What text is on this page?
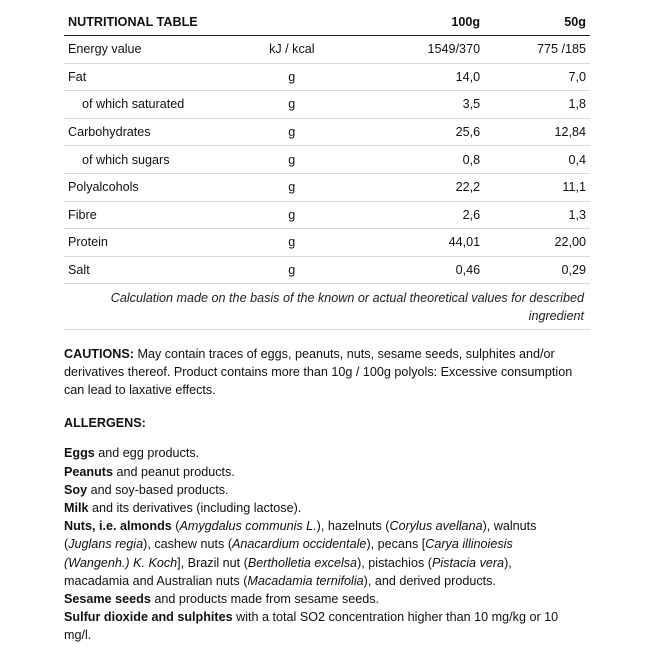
NUTRITIONAL TABLE		100g	50g
Energy value	kJ / kcal	1549/370	775 /185
Fat	g	14,0	7,0
of which saturated	g	3,5	1,8
Carbohydrates	g	25,6	12,84
of which sugars	g	0,8	0,4
Polyalcohols	g	22,2	11,1
Fibre	g	2,6	1,3
Protein	g	44,01	22,00
Salt	g	0,46	0,29
Calculation made on the basis of the known or actual theoretical values for described ingredient			
CAUTIONS: May contain traces of eggs, peanuts, nuts, sesame seeds, sulphites and/or derivatives thereof. Product contains more than 10g / 100g polyols: Excessive consumption can lead to laxative effects.
ALLERGENS:
Eggs and egg products.
Peanuts and peanut products.
Soy and soy-based products.
Milk and its derivatives (including lactose).
Nuts, i.e. almonds (Amygdalus communis L.), hazelnuts (Corylus avellana), walnuts (Juglans regia), cashew nuts (Anacardium occidentale), pecans [Carya illinoiesis (Wangenh.) K. Koch], Brazil nut (Bertholletia excelsa), pistachios (Pistacia vera), macadamia and Australian nuts (Macadamia ternifolia), and derived products.
Sesame seeds and products made from sesame seeds.
Sulfur dioxide and sulphites with a total SO2 concentration higher than 10 mg/kg or 10 mg/l.
